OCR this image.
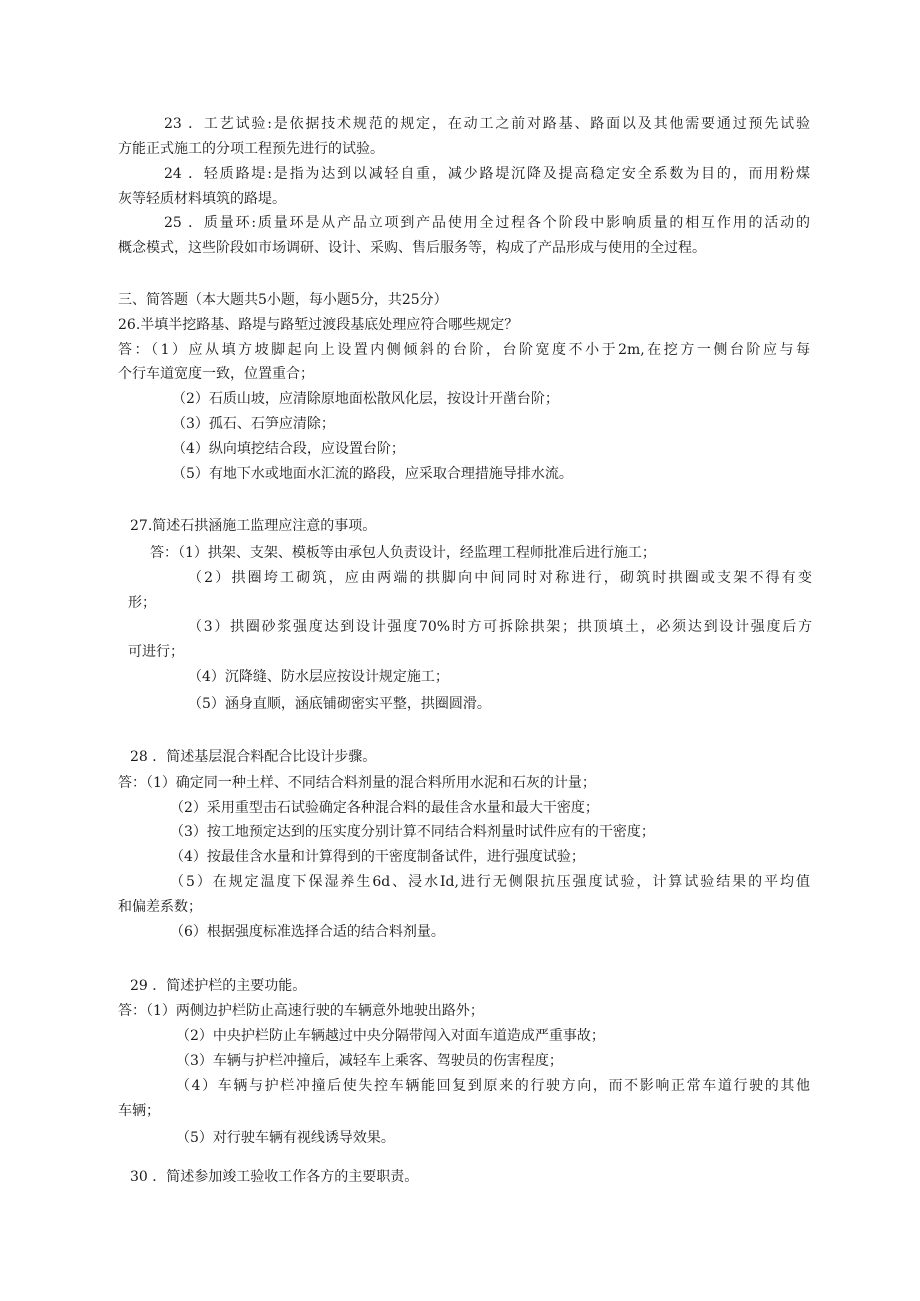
23 ．工艺试验:是依据技术规范的规定，在动工之前对路基、路面以及其他需要通过预先试验

方能正式施工的分项工程预先进行的试验。

24 ．轻质路堤:是指为达到以减轻自重，减少路堤沉降及提高稳定安全系数为目的，而用粉煤

灰等轻质材料填筑的路堤。

25 ．质量环:质量环是从产品立项到产品使用全过程各个阶段中影响质量的相互作用的活动的

概念模式，这些阶段如市场调研、设计、采购、售后服务等，构成了产品形成与使用的全过程。

三、简答题（本大题共5小题，每小题5分，共25分）

26.半填半挖路基、路堤与路堑过渡段基底处理应符合哪些规定？

答：（1）应从填方坡脚起向上设置内侧倾斜的台阶，台阶宽度不小于2m,在挖方一侧台阶应与每

个行车道宽度一致，位置重合；

（2）石质山坡，应清除原地面松散风化层，按设计开凿台阶；

（3）孤石、石笋应清除；

（4）纵向填挖结合段，应设置台阶；

（5）有地下水或地面水汇流的路段，应采取合理措施导排水流。

27.简述石拱涵施工监理应注意的事项。

答：（1）拱架、支架、模板等由承包人负责设计，经监理工程师批准后进行施工；

（2）拱圈垮工砌筑，应由两端的拱脚向中间同时对称进行，砌筑时拱圈或支架不得有变

形；

（3）拱圈砂浆强度达到设计强度70%时方可拆除拱架；拱顶填土，必须达到设计强度后方

可进行；

（4）沉降缝、防水层应按设计规定施工；

（5）涵身直顺，涵底铺砌密实平整，拱圈圆滑。

28 ．简述基层混合料配合比设计步骤。

答：（1）确定同一种土样、不同结合料剂量的混合料所用水泥和石灰的计量；

（2）采用重型击石试验确定各种混合料的最佳含水量和最大干密度；

（3）按工地预定达到的压实度分别计算不同结合料剂量时试件应有的干密度；

（4）按最佳含水量和计算得到的干密度制备试件，进行强度试验；

（5）在规定温度下保湿养生6d、浸水Id,进行无侧限抗压强度试验，计算试验结果的平均值

和偏差系数；

（6）根据强度标准选择合适的结合料剂量。

29 ．简述护栏的主要功能。

答：（1）两侧边护栏防止高速行驶的车辆意外地驶出路外；

（2）中央护栏防止车辆越过中央分隔带闯入对面车道造成严重事故；

（3）车辆与护栏冲撞后，减轻车上乘客、驾驶员的伤害程度；

（4）车辆与护栏冲撞后使失控车辆能回复到原来的行驶方向，而不影响正常车道行驶的其他

车辆；

（5）对行驶车辆有视线诱导效果。

30 ．简述参加竣工验收工作各方的主要职责。
